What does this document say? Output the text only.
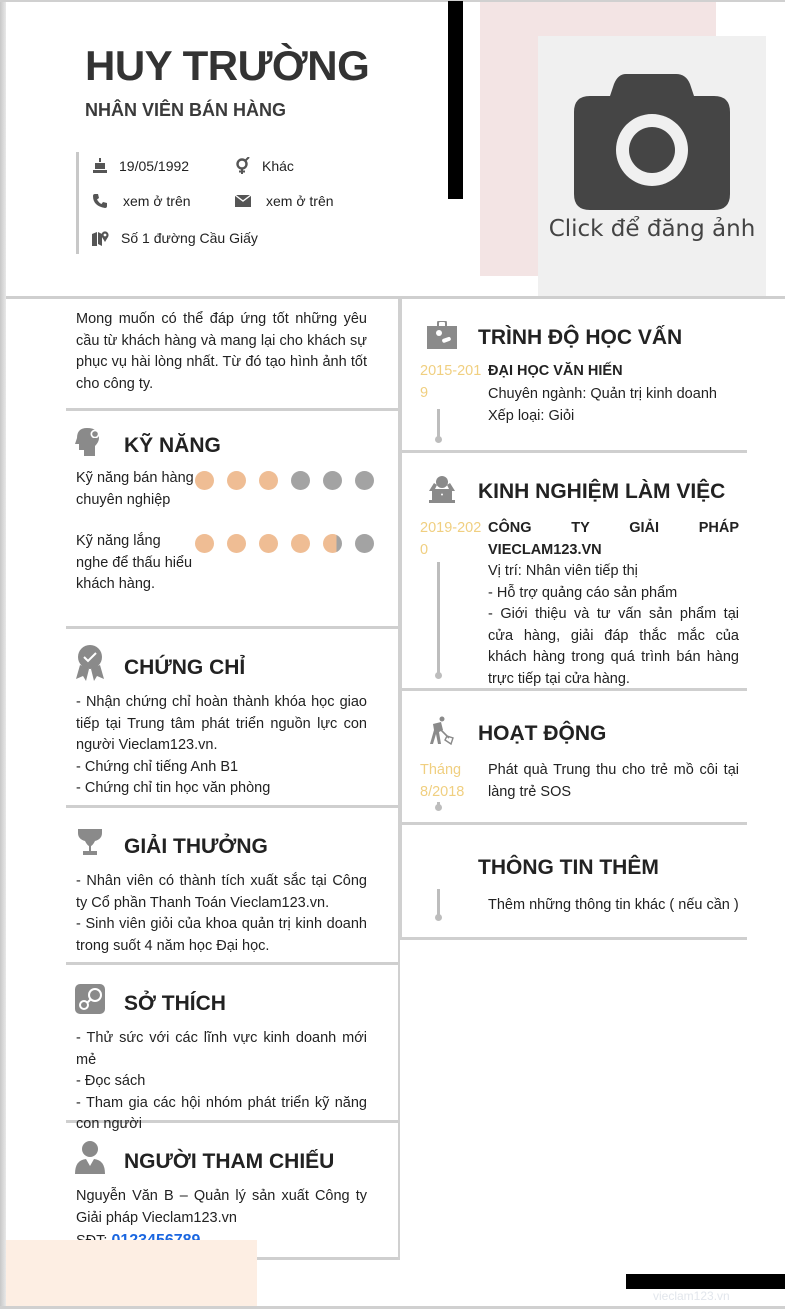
HUY TRƯỜNG
NHÂN VIÊN BÁN HÀNG
19/05/1992	Khác
xem ở trên	xem ở trên
Số 1 đường Cầu Giấy	Click để đăng ảnh
Mong muốn có thể đáp ứng tốt những yêu cầu từ khách hàng và mang lại cho khách sự phục vụ hài lòng nhất. Từ đó tạo hình ảnh tốt cho công ty.
KỸ NĂNG
Kỹ năng bán hàng chuyên nghiệp
Kỹ năng lắng nghe để thấu hiểu khách hàng.
CHỨNG CHỈ
- Nhận chứng chỉ hoàn thành khóa học giao tiếp tại Trung tâm phát triển nguồn lực con người Vieclam123.vn.
- Chứng chỉ tiếng Anh B1
- Chứng chỉ tin học văn phòng
GIẢI THƯỞNG
- Nhân viên có thành tích xuất sắc tại Công ty Cổ phần Thanh Toán Vieclam123.vn.
- Sinh viên giỏi của khoa quản trị kinh doanh trong suốt 4 năm học Đại học.
SỞ THÍCH
- Thử sức với các lĩnh vực kinh doanh mới mẻ
- Đọc sách
- Tham gia các hội nhóm phát triển kỹ năng con người
NGƯỜI THAM CHIẾU
Nguyễn Văn B – Quản lý sản xuất Công ty Giải pháp Vieclam123.vn
TRÌNH ĐỘ HỌC VẤN
2015-2019
ĐẠI HỌC VĂN HIẾN
Chuyên ngành: Quản trị kinh doanh
Xếp loại: Giỏi
KINH NGHIỆM LÀM VIỆC
2019-2020
CÔNG TY GIẢI PHÁP VIECLAM123.VN
Vị trí: Nhân viên tiếp thị
- Hỗ trợ quảng cáo sản phẩm
- Giới thiệu và tư vấn sản phẩm tại cửa hàng, giải đáp thắc mắc của khách hàng trong quá trình bán hàng trực tiếp tại cửa hàng.
HOẠT ĐỘNG
Tháng 8/2018
Phát quà Trung thu cho trẻ mồ côi tại làng trẻ SOS
THÔNG TIN THÊM
Thêm những thông tin khác ( nếu cần )
vieclam123.vn
